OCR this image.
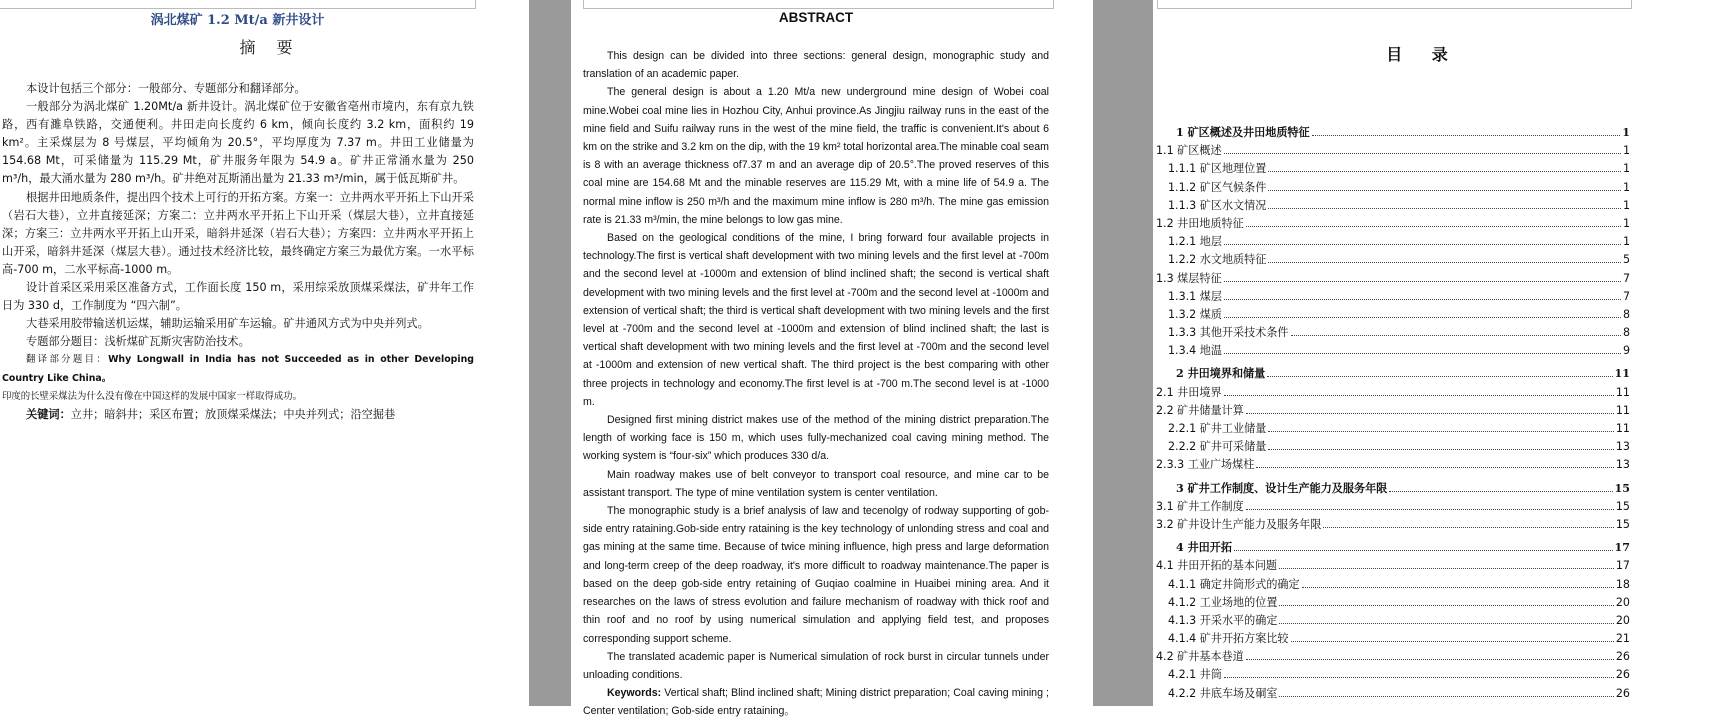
涡北煤矿 1.2 Mt/a 新井设计
摘 要

本设计包括三个部分：一般部分、专题部分和翻译部分。

一般部分为涡北煤矿 1.20Mt/a 新井设计。涡北煤矿位于安徽省亳州市境内，东有京九铁路，西有濉阜铁路，交通便利。井田走向长度约 6 km，倾向长度约 3.2 km，面积约 19 km²。主采煤层为 8 号煤层，平均倾角为 20.5°，平均厚度为 7.37 m。井田工业储量为 154.68 Mt，可采储量为 115.29 Mt，矿井服务年限为 54.9 a。矿井正常涌水量为 250 m³/h，最大涌水量为 280 m³/h。矿井绝对瓦斯涌出量为 21.33 m³/min，属于低瓦斯矿井。

根据井田地质条件，提出四个技术上可行的开拓方案。方案一：立井两水平开拓上下山开采（岩石大巷），立井直接延深；方案二：立井两水平开拓上下山开采（煤层大巷），立井直接延深；方案三：立井两水平开拓上山开采，暗斜井延深（岩石大巷）；方案四：立井两水平开拓上山开采，暗斜井延深（煤层大巷）。通过技术经济比较，最终确定方案三为最优方案。一水平标高-700 m，二水平标高-1000 m。

设计首采区采用采区准备方式，工作面长度 150 m，采用综采放顶煤采煤法，矿井年工作日为 330 d，工作制度为 “四六制”。

大巷采用胶带输送机运煤，辅助运输采用矿车运输。矿井通风方式为中央并列式。

专题部分题目：浅析煤矿瓦斯灾害防治技术。

翻译部分题目：Why Longwall in India has not Succeeded as in other Developing Country Like China。

印度的长壁采煤法为什么没有像在中国这样的发展中国家一样取得成功。

关键词：立井；暗斜井；采区布置；放顶煤采煤法；中央并列式；沿空掘巷

ABSTRACT

This design can be divided into three sections: general design, monographic study and translation of an academic paper.

The general design is about a 1.20 Mt/a new underground mine design of Wobei coal mine.Wobei coal mine lies in Hozhou City, Anhui province.As Jingjiu railway runs in the east of the mine field and Suifu railway runs in the west of the mine field, the traffic is convenient.It's about 6 km on the strike and 3.2 km on the dip, with the 19 km² total horizontal area.The minable coal seam is 8 with an average thickness of7.37 m and an average dip of 20.5°.The proved reserves of this coal mine are 154.68 Mt and the minable reserves are 115.29 Mt, with a mine life of 54.9 a. The normal mine inflow is 250 m³/h and the maximum mine inflow is 280 m³/h. The mine gas emission rate is 21.33 m³/min, the mine belongs to low gas mine.

Based on the geological conditions of the mine, I bring forward four available projects in technology.The first is vertical shaft development with two mining levels and the first level at -700m and the second level at -1000m and extension of blind inclined shaft; the second is vertical shaft development with two mining levels and the first level at -700m and the second level at -1000m and extension of vertical shaft; the third is vertical shaft development with two mining levels and the first level at -700m and the second level at -1000m and extension of blind inclined shaft; the last is vertical shaft development with two mining levels and the first level at -700m and the second level at -1000m and extension of new vertical shaft. The third project is the best comparing with other three projects in technology and economy.The first level is at -700 m.The second level is at -1000 m.

Designed first mining district makes use of the method of the mining district preparation.The length of working face is 150 m, which uses fully-mechanized coal caving mining method. The working system is “four-six” which produces 330 d/a.

Main roadway makes use of belt conveyor to transport coal resource, and mine car to be assistant transport. The type of mine ventilation system is center ventilation.

The monographic study is a brief analysis of law and tecenolgy of rodway supporting of gob-side entry rataining.Gob-side entry rataining is the key technology of unlonding stress and coal and gas mining at the same time. Because of twice mining influence, high press and large deformation and long-term creep of the deep roadway, it's more difficult to roadway maintenance.The paper is based on the deep gob-side entry retaining of Guqiao coalmine in Huaibei mining area. And it researches on the laws of stress evolution and failure mechanism of roadway with thick roof and thin roof and no roof by using numerical simulation and applying field test, and proposes corresponding support scheme.

The translated academic paper is Numerical simulation of rock burst in circular tunnels under unloading conditions.

Keywords: Vertical shaft; Blind inclined shaft; Mining district preparation; Coal caving mining ; Center ventilation; Gob-side entry rataining。

目 录
1 矿区概述及井田地质特征	1
1.1 矿区概述	1
1.1.1 矿区地理位置	1
1.1.2 矿区气候条件	1
1.1.3 矿区水文情况	1
1.2 井田地质特征	1
1.2.1 地层	1
1.2.2 水文地质特征	5
1.3 煤层特征	7
1.3.1 煤层	7
1.3.2 煤质	8
1.3.3 其他开采技术条件	8
1.3.4 地温	9
2 井田境界和储量	11
2.1 井田境界	11
2.2 矿井储量计算	11
2.2.1 矿井工业储量	11
2.2.2 矿井可采储量	13
2.3.3 工业广场煤柱	13
3 矿井工作制度、设计生产能力及服务年限	15
3.1 矿井工作制度	15
3.2 矿井设计生产能力及服务年限	15
4 井田开拓	17
4.1 井田开拓的基本问题	17
4.1.1 确定井筒形式的确定	18
4.1.2 工业场地的位置	20
4.1.3 开采水平的确定	20
4.1.4 矿井开拓方案比较	21
4.2 矿井基本巷道	26
4.2.1 井筒	26
4.2.2 井底车场及硐室	26
